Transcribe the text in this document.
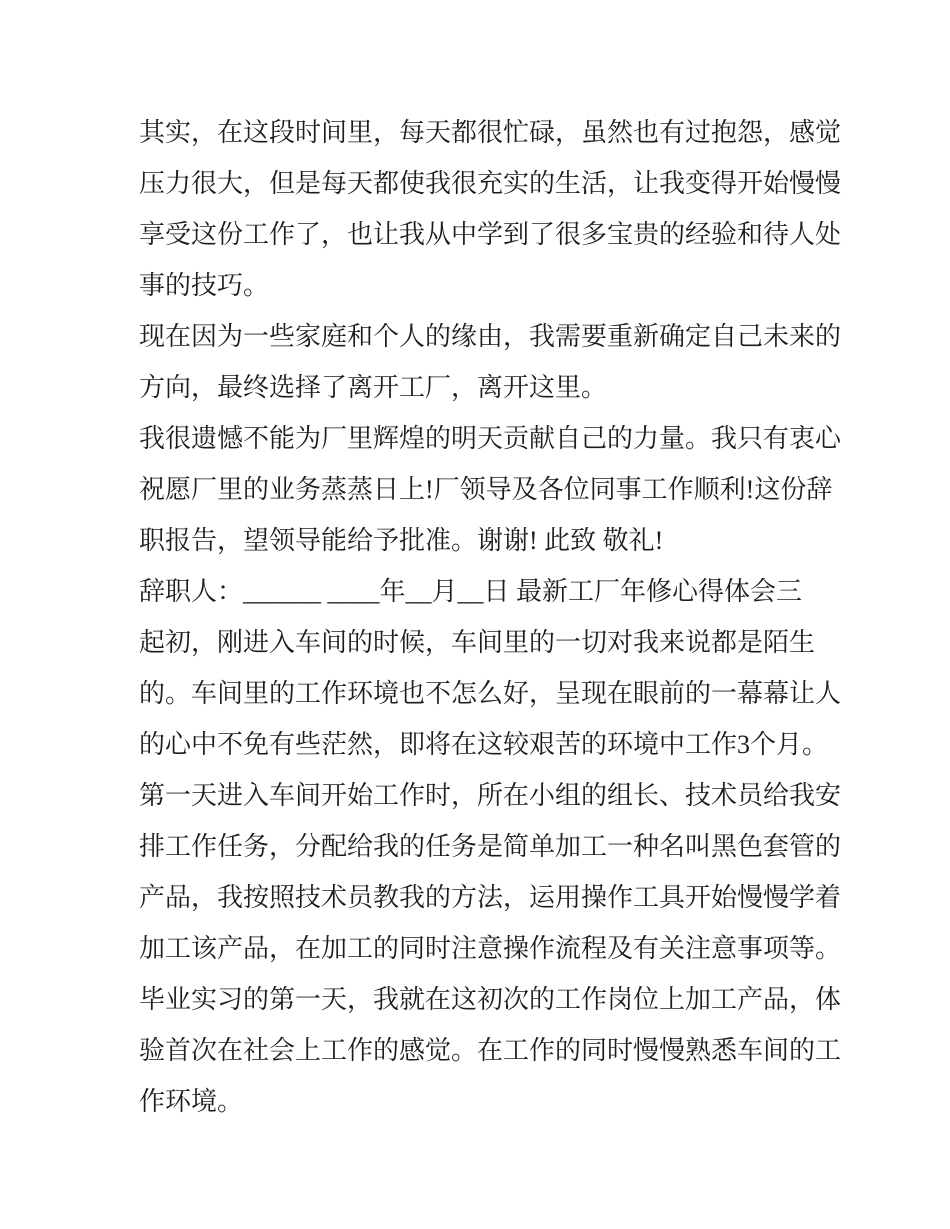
其实，在这段时间里，每天都很忙碌，虽然也有过抱怨，感觉
压力很大，但是每天都使我很充实的生活，让我变得开始慢慢
享受这份工作了，也让我从中学到了很多宝贵的经验和待人处
事的技巧。
现在因为一些家庭和个人的缘由，我需要重新确定自己未来的
方向，最终选择了离开工厂，离开这里。
我很遗憾不能为厂里辉煌的明天贡献自己的力量。我只有衷心
祝愿厂里的业务蒸蒸日上!厂领导及各位同事工作顺利!这份辞
职报告，望领导能给予批准。谢谢! 此致 敬礼!
辞职人：______ ____年__月__日 最新工厂年修心得体会三
起初，刚进入车间的时候，车间里的一切对我来说都是陌生
的。车间里的工作环境也不怎么好，呈现在眼前的一幕幕让人
的心中不免有些茫然，即将在这较艰苦的环境中工作3个月。
第一天进入车间开始工作时，所在小组的组长、技术员给我安
排工作任务，分配给我的任务是简单加工一种名叫黑色套管的
产品，我按照技术员教我的方法，运用操作工具开始慢慢学着
加工该产品，在加工的同时注意操作流程及有关注意事项等。
毕业实习的第一天，我就在这初次的工作岗位上加工产品，体
验首次在社会上工作的感觉。在工作的同时慢慢熟悉车间的工
作环境。
